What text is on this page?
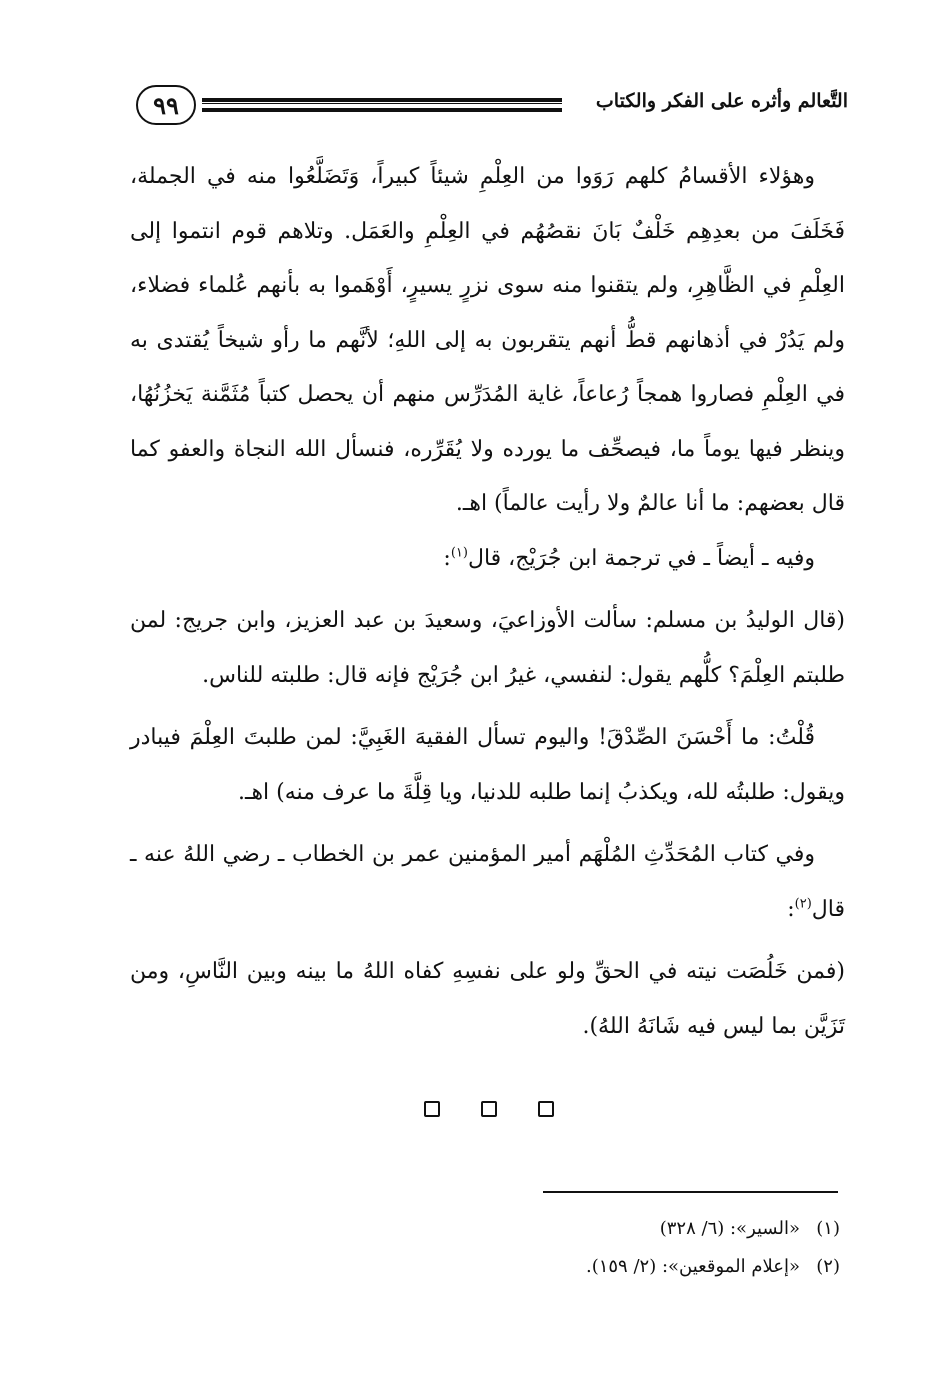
٩٩	التَّعالم وأثره على الفكر والكتاب

وهؤلاء الأقسامُ كلهم رَوَوا من العِلْمِ شيئاً كبيراً، وَتَضَلَّعُوا منه في الجملة، فَخَلَفَ من بعدِهِم خَلْفٌ بَانَ نقصُهُم في العِلْمِ والعَمَل. وتلاهم قوم انتموا إلى العِلْمِ في الظَّاهِرِ، ولم يتقنوا منه سوى نزرٍ يسيرٍ، أَوْهَموا به بأنهم عُلماء فضلاء، ولم يَدُرْ في أذهانهم قطُّ أنهم يتقربون به إلى اللهِ؛ لأنَّهم ما رأو شيخاً يُقتدى به في العِلْمِ فصاروا همجاً رُعاعاً، غاية المُدَرِّس منهم أن يحصل كتباً مُثَمَّنة يَخزُنُهُا، وينظر فيها يوماً ما، فيصحِّف ما يورده ولا يُقَرِّره، فنسأل الله النجاة والعفو كما قال بعضهم: ما أنا عالمٌ ولا رأيت عالماً) اهـ.

وفيه ـ أيضاً ـ في ترجمة ابن جُرَيْج، قال$^{(١)}$:

(قال الوليدُ بن مسلم: سألت الأوزاعيَ، وسعيدَ بن عبد العزيز، وابن جريج: لمن طلبتم العِلْمَ؟ كلُّهم يقول: لنفسي، غيرُ ابن جُرَيْج فإنه قال: طلبته للناس.

قُلْتُ: ما أَحْسَنَ الصِّدْقَ! واليوم تسأل الفقيهَ الغَبِيَّ: لمن طلبتَ العِلْمَ فيبادر ويقول: طلبتُه لله، ويكذبُ إنما طلبه للدنيا، ويا قِلَّةَ ما عرف منه) اهـ.

وفي كتاب المُحَدِّثِ المُلْهَم أمير المؤمنين عمر بن الخطاب ـ رضي اللهُ عنه ـ قال$^{(٢)}$:

(فمن خَلُصَت نيته في الحقِّ ولو على نفسِهِ كفاه اللهُ ما بينه وبين النَّاسِ، ومن تَزَيَّن بما ليس فيه شَانَهُ اللهُ).

(١)
«السير»: (٦/ ٣٢٨)
(٢)
«إعلام الموقعين»: (٢/ ١٥٩).
